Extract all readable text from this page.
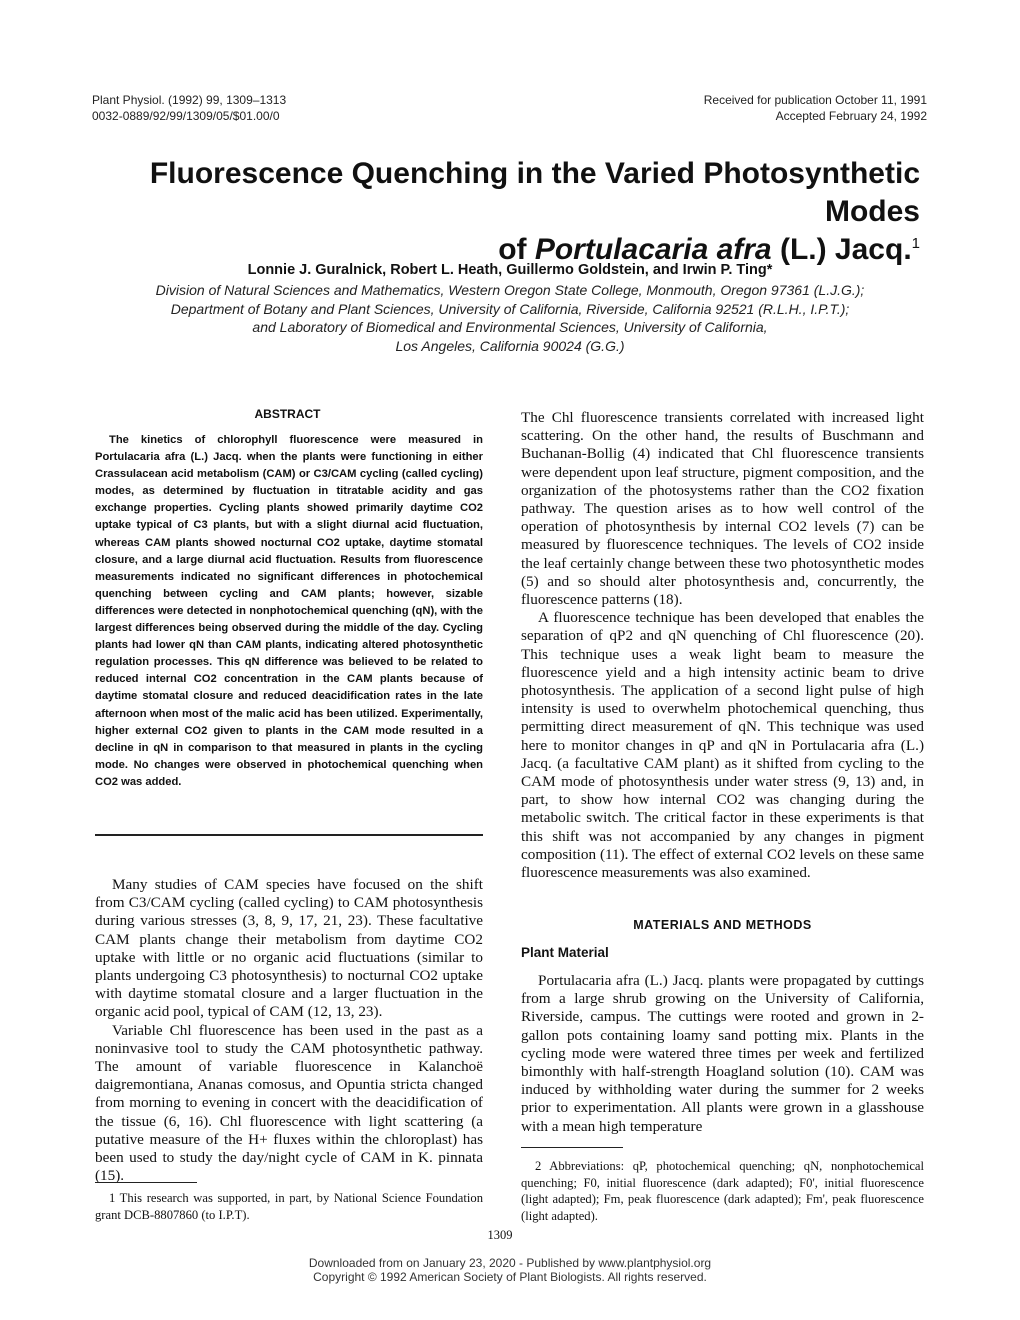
Plant Physiol. (1992) 99, 1309–1313
0032-0889/92/99/1309/05/$01.00/0
Received for publication October 11, 1991
Accepted February 24, 1992
Fluorescence Quenching in the Varied Photosynthetic Modes
of Portulacaria afra (L.) Jacq.$^1$
Lonnie J. Guralnick, Robert L. Heath, Guillermo Goldstein, and Irwin P. Ting*
Division of Natural Sciences and Mathematics, Western Oregon State College, Monmouth, Oregon 97361 (L.J.G.);
Department of Botany and Plant Sciences, University of California, Riverside, California 92521 (R.L.H., I.P.T.);
and Laboratory of Biomedical and Environmental Sciences, University of California,
Los Angeles, California 90024 (G.G.)
ABSTRACT

The kinetics of chlorophyll fluorescence were measured in Portulacaria afra (L.) Jacq. when the plants were functioning in either Crassulacean acid metabolism (CAM) or C3/CAM cycling (called cycling) modes, as determined by fluctuation in titratable acidity and gas exchange properties. Cycling plants showed primarily daytime CO2 uptake typical of C3 plants, but with a slight diurnal acid fluctuation, whereas CAM plants showed nocturnal CO2 uptake, daytime stomatal closure, and a large diurnal acid fluctuation. Results from fluorescence measurements indicated no significant differences in photochemical quenching between cycling and CAM plants; however, sizable differences were detected in nonphotochemical quenching (qN), with the largest differences being observed during the middle of the day. Cycling plants had lower qN than CAM plants, indicating altered photosynthetic regulation processes. This qN difference was believed to be related to reduced internal CO2 concentration in the CAM plants because of daytime stomatal closure and reduced deacidification rates in the late afternoon when most of the malic acid has been utilized. Experimentally, higher external CO2 given to plants in the CAM mode resulted in a decline in qN in comparison to that measured in plants in the cycling mode. No changes were observed in photochemical quenching when CO2 was added.

Many studies of CAM species have focused on the shift from C3/CAM cycling (called cycling) to CAM photosynthesis during various stresses (3, 8, 9, 17, 21, 23). These facultative CAM plants change their metabolism from daytime CO2 uptake with little or no organic acid fluctuations (similar to plants undergoing C3 photosynthesis) to nocturnal CO2 uptake with daytime stomatal closure and a larger fluctuation in the organic acid pool, typical of CAM (12, 13, 23).

Variable Chl fluorescence has been used in the past as a noninvasive tool to study the CAM photosynthetic pathway. The amount of variable fluorescence in Kalanchoë daigremontiana, Ananas comosus, and Opuntia stricta changed from morning to evening in concert with the deacidification of the tissue (6, 16). Chl fluorescence with light scattering (a putative measure of the H+ fluxes within the chloroplast) has been used to study the day/night cycle of CAM in K. pinnata (15).

The Chl fluorescence transients correlated with increased light scattering. On the other hand, the results of Buschmann and Buchanan-Bollig (4) indicated that Chl fluorescence transients were dependent upon leaf structure, pigment composition, and the organization of the photosystems rather than the CO2 fixation pathway. The question arises as to how well control of the operation of photosynthesis by internal CO2 levels (7) can be measured by fluorescence techniques. The levels of CO2 inside the leaf certainly change between these two photosynthetic modes (5) and so should alter photosynthesis and, concurrently, the fluorescence patterns (18).

A fluorescence technique has been developed that enables the separation of qP2 and qN quenching of Chl fluorescence (20). This technique uses a weak light beam to measure the fluorescence yield and a high intensity actinic beam to drive photosynthesis. The application of a second light pulse of high intensity is used to overwhelm photochemical quenching, thus permitting direct measurement of qN. This technique was used here to monitor changes in qP and qN in Portulacaria afra (L.) Jacq. (a facultative CAM plant) as it shifted from cycling to the CAM mode of photosynthesis under water stress (9, 13) and, in part, to show how internal CO2 was changing during the metabolic switch. The critical factor in these experiments is that this shift was not accompanied by any changes in pigment composition (11). The effect of external CO2 levels on these same fluorescence measurements was also examined.

MATERIALS AND METHODS
Plant Material

Portulacaria afra (L.) Jacq. plants were propagated by cuttings from a large shrub growing on the University of California, Riverside, campus. The cuttings were rooted and grown in 2-gallon pots containing loamy sand potting mix. Plants in the cycling mode were watered three times per week and fertilized bimonthly with half-strength Hoagland solution (10). CAM was induced by withholding water during the summer for 2 weeks prior to experimentation. All plants were grown in a glasshouse with a mean high temperature

1 This research was supported, in part, by National Science Foundation grant DCB-8807860 (to I.P.T).

2 Abbreviations: qP, photochemical quenching; qN, nonphotochemical quenching; F0, initial fluorescence (dark adapted); F0', initial fluorescence (light adapted); Fm, peak fluorescence (dark adapted); Fm', peak fluorescence (light adapted).

1309
Downloaded from on January 23, 2020 - Published by www.plantphysiol.org
Copyright © 1992 American Society of Plant Biologists. All rights reserved.
